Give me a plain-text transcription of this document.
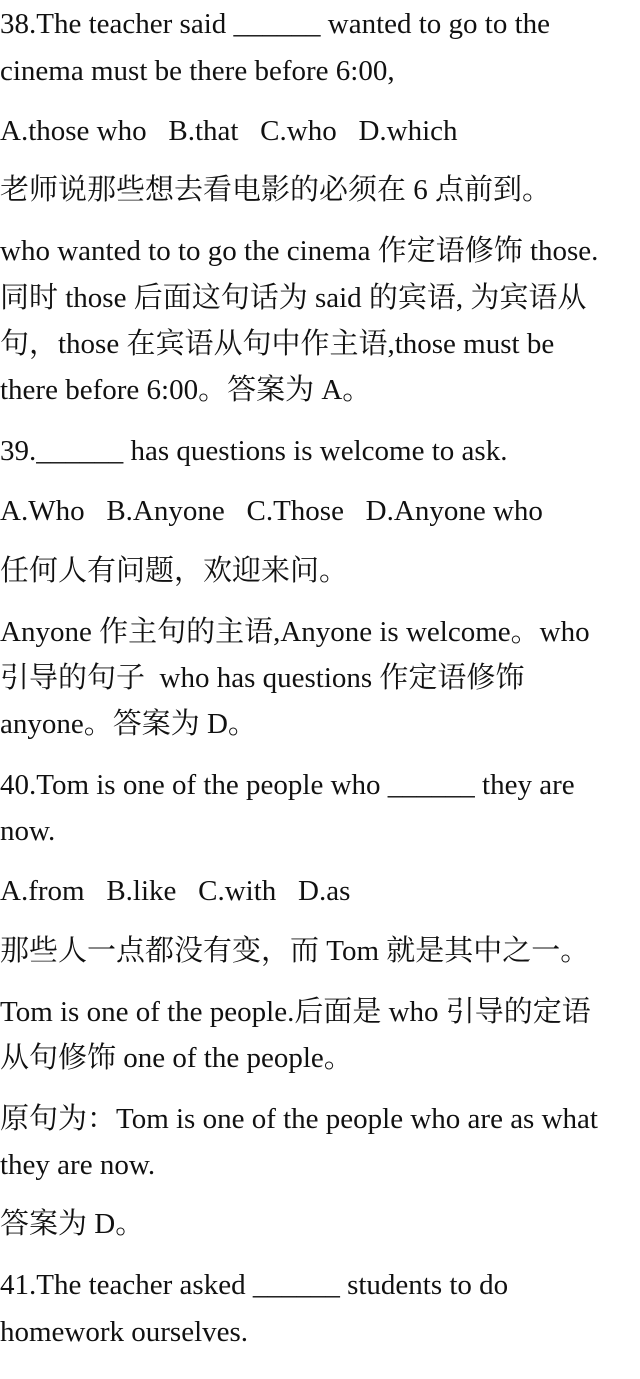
38.The teacher said ______ wanted to go to the
cinema must be there before 6:00,
A.those who   B.that   C.who   D.which
老师说那些想去看电影的必须在 6 点前到。
who wanted to to go the cinema 作定语修饰 those.
同时 those 后面这句话为 said 的宾语, 为宾语从
句，those 在宾语从句中作主语,those must be
there before 6:00。答案为 A。
39.______ has questions is welcome to ask.
A.Who   B.Anyone   C.Those   D.Anyone who
任何人有问题，欢迎来问。
Anyone 作主句的主语,Anyone is welcome。who
引导的句子  who has questions 作定语修饰
anyone。答案为 D。
40.Tom is one of the people who ______ they are
now.
A.from   B.like   C.with   D.as
那些人一点都没有变，而 Tom 就是其中之一。
Tom is one of the people.后面是 who 引导的定语
从句修饰 one of the people。
原句为：Tom is one of the people who are as what
they are now.
答案为 D。
41.The teacher asked ______ students to do
homework ourselves.
